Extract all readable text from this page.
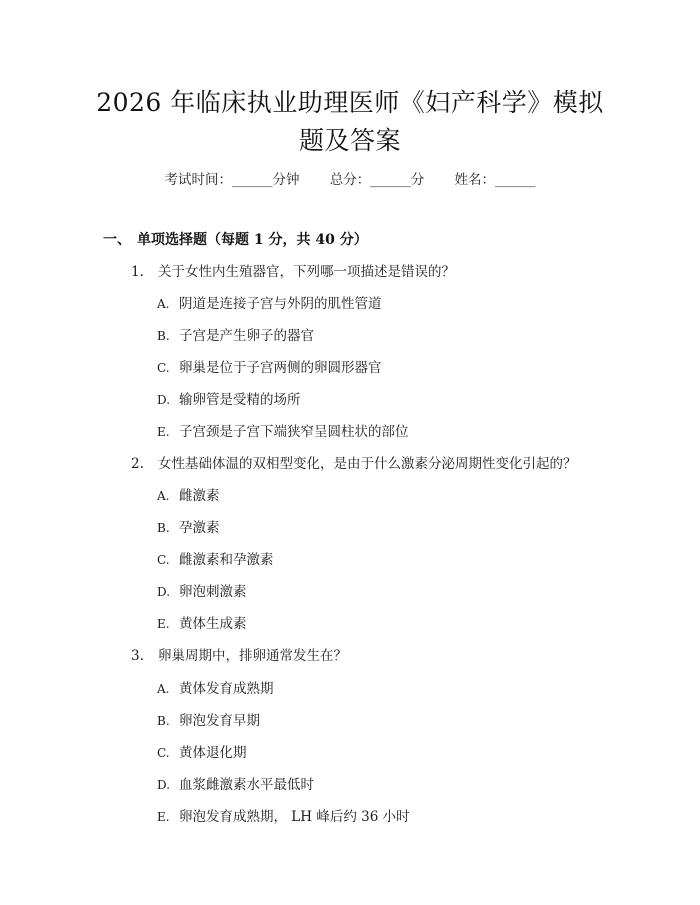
2026 年临床执业助理医师《妇产科学》模拟
题及答案
考试时间：______分钟 总分：______分 姓名：______
一、 单项选择题（每题 1 分，共 40 分）
1. 关于女性内生殖器官，下列哪一项描述是错误的？
A. 阴道是连接子宫与外阴的肌性管道
B. 子宫是产生卵子的器官
C. 卵巢是位于子宫两侧的卵圆形器官
D. 输卵管是受精的场所
E. 子宫颈是子宫下端狭窄呈圆柱状的部位
2. 女性基础体温的双相型变化，是由于什么激素分泌周期性变化引起的？
A. 雌激素
B. 孕激素
C. 雌激素和孕激素
D. 卵泡刺激素
E. 黄体生成素
3. 卵巢周期中，排卵通常发生在？
A. 黄体发育成熟期
B. 卵泡发育早期
C. 黄体退化期
D. 血浆雌激素水平最低时
E. 卵泡发育成熟期， LH 峰后约 36 小时
